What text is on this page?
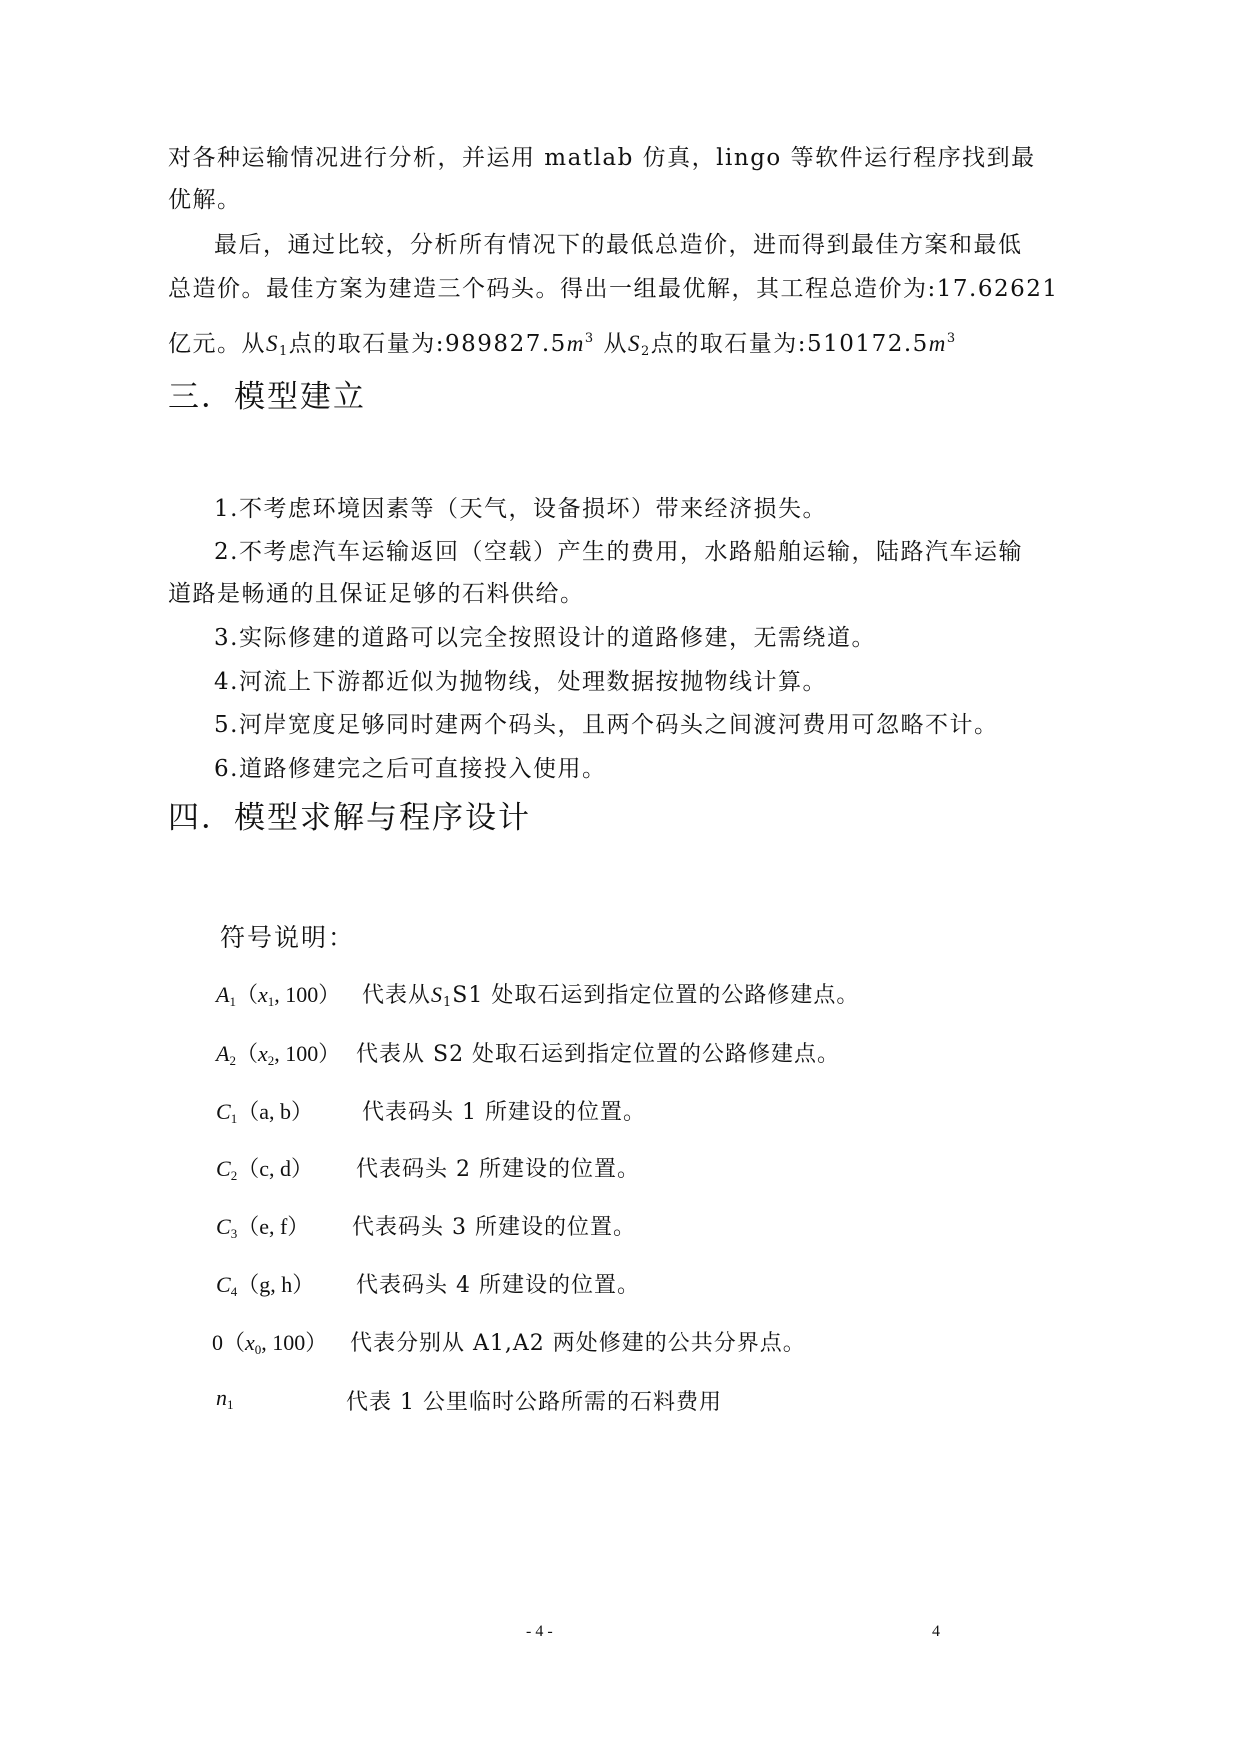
对各种运输情况进行分析，并运用 matlab 仿真，lingo 等软件运行程序找到最
优解。
最后，通过比较，分析所有情况下的最低总造价，进而得到最佳方案和最低
总造价。最佳方案为建造三个码头。得出一组最优解，其工程总造价为:17.62621
亿元。从$S_1$点的取石量为$:989827.5m^3$ 从$S_2$点的取石量为$:510172.5m^3$
三．模型建立
1.不考虑环境因素等（天气，设备损坏）带来经济损失。
2.不考虑汽车运输返回（空载）产生的费用，水路船舶运输，陆路汽车运输
道路是畅通的且保证足够的石料供给。
3.实际修建的道路可以完全按照设计的道路修建，无需绕道。
4.河流上下游都近似为抛物线，处理数据按抛物线计算。
5.河岸宽度足够同时建两个码头，且两个码头之间渡河费用可忽略不计。
6.道路修建完之后可直接投入使用。
四．模型求解与程序设计
符号说明：
$A_1(x_1$, 100） 代表从$S_1S1$ 处取石运到指定位置的公路修建点。
$A_2(x_2$, 100） 代表从 S2 处取石运到指定位置的公路修建点。
$C_1(a$, b） 代表码头 1 所建设的位置。
$C_2(c$, d） 代表码头 2 所建设的位置。
$C_3(e$, f） 代表码头 3 所建设的位置。
$C_4(g$, h） 代表码头 4 所建设的位置。
$0(x_0$, 100） 代表分别从 A1,A2 两处修建的公共分界点。
$n_1$	代表 1 公里临时公路所需的石料费用
- 4 -	4
